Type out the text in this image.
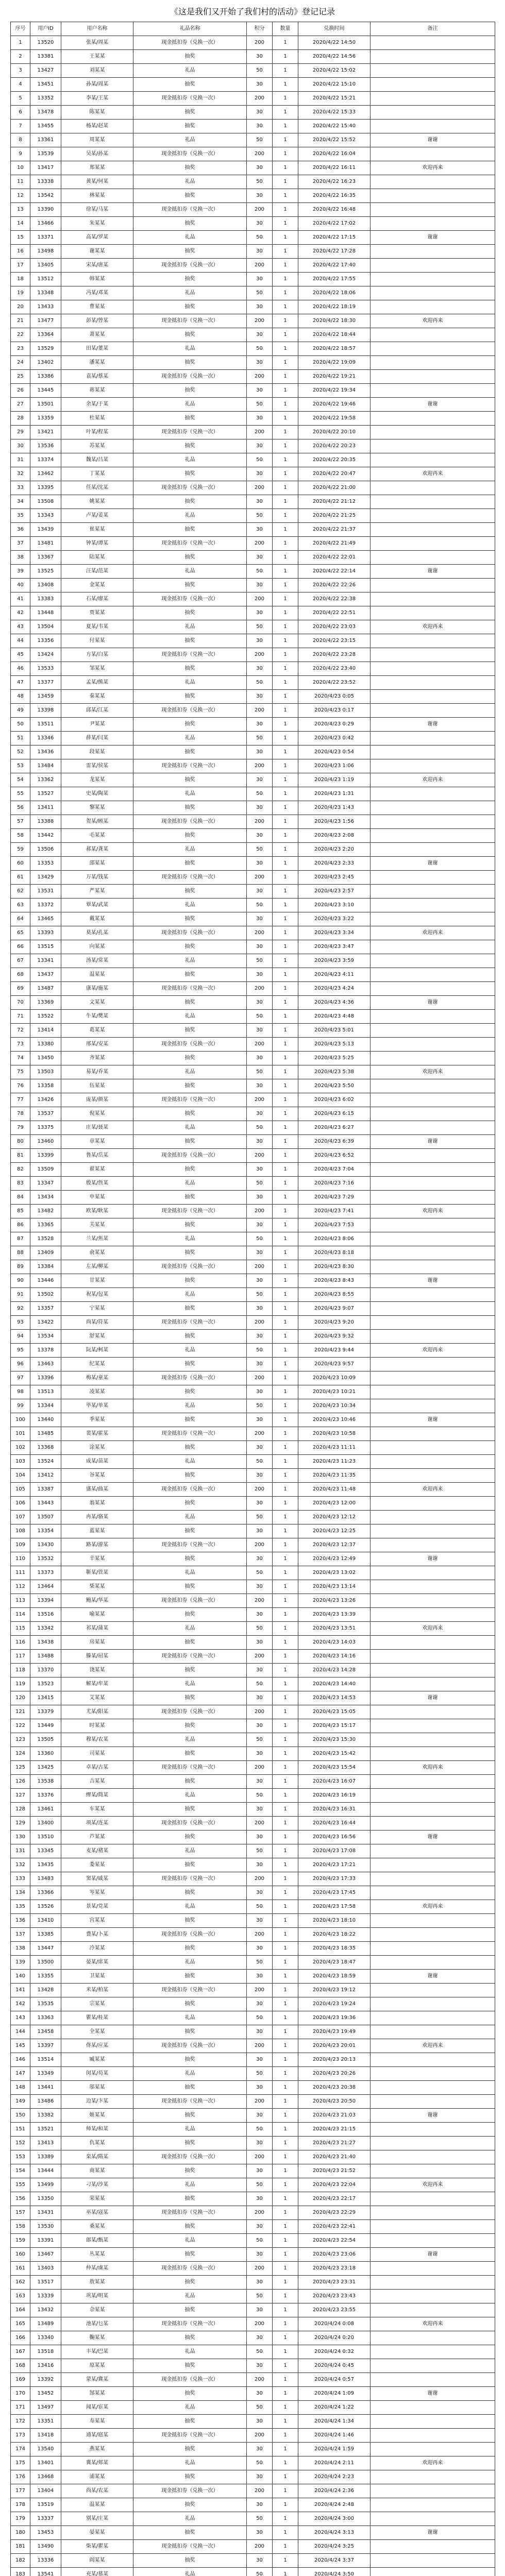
《这是我们又开始了我们村的活动》登记记录
序号	用户ID	用户名称	礼品名称	积分	数量	兑换时间	备注
1	13520	张某/周某	现金抵扣券（兑换一次）	200	1	2020/4/22 14:50	
2	13381	王某某	抽奖	30	1	2020/4/22 14:56	
3	13427	刘某某	礼品	50	1	2020/4/22 15:02	
4	13451	孙某/周某	抽奖	30	1	2020/4/22 15:10	
5	13352	李某/王某	现金抵扣券（兑换一次）	200	1	2020/4/22 15:21	
6	13478	陈某某	抽奖	30	1	2020/4/22 15:33	
7	13455	杨某/赵某	抽奖	30	1	2020/4/22 15:40	
8	13361	周某某	礼品	50	1	2020/4/22 15:52	谢谢
9	13539	吴某/孙某	现金抵扣券（兑换一次）	200	1	2020/4/22 16:04	
10	13417	郑某某	抽奖	30	1	2020/4/22 16:11	欢迎再来
11	13338	黄某/何某	礼品	50	1	2020/4/22 16:23	
12	13542	林某某	抽奖	30	1	2020/4/22 16:35	
13	13390	徐某/马某	现金抵扣券（兑换一次）	200	1	2020/4/22 16:48	
14	13466	朱某某	抽奖	30	1	2020/4/22 17:02	
15	13371	高某/罗某	礼品	50	1	2020/4/22 17:15	谢谢
16	13498	谢某某	抽奖	30	1	2020/4/22 17:28	
17	13405	宋某/唐某	现金抵扣券（兑换一次）	200	1	2020/4/22 17:40	
18	13512	韩某某	抽奖	30	1	2020/4/22 17:55	
19	13348	冯某/邓某	礼品	50	1	2020/4/22 18:06	
20	13433	曹某某	抽奖	30	1	2020/4/22 18:19	
21	13477	彭某/曾某	现金抵扣券（兑换一次）	200	1	2020/4/22 18:30	欢迎再来
22	13364	萧某某	抽奖	30	1	2020/4/22 18:44	
23	13529	田某/董某	礼品	50	1	2020/4/22 18:57	
24	13402	潘某某	抽奖	30	1	2020/4/22 19:09	
25	13386	袁某/蔡某	现金抵扣券（兑换一次）	200	1	2020/4/22 19:21	
26	13445	蒋某某	抽奖	30	1	2020/4/22 19:34	
27	13501	余某/于某	礼品	50	1	2020/4/22 19:46	谢谢
28	13359	杜某某	抽奖	30	1	2020/4/22 19:58	
29	13421	叶某/程某	现金抵扣券（兑换一次）	200	1	2020/4/22 20:10	
30	13536	苏某某	抽奖	30	1	2020/4/22 20:23	
31	13374	魏某/吕某	礼品	50	1	2020/4/22 20:35	
32	13462	丁某某	抽奖	30	1	2020/4/22 20:47	欢迎再来
33	13395	任某/沈某	现金抵扣券（兑换一次）	200	1	2020/4/22 21:00	
34	13508	姚某某	抽奖	30	1	2020/4/22 21:12	
35	13343	卢某/姜某	礼品	50	1	2020/4/22 21:25	
36	13439	崔某某	抽奖	30	1	2020/4/22 21:37	
37	13481	钟某/谭某	现金抵扣券（兑换一次）	200	1	2020/4/22 21:49	
38	13367	陆某某	抽奖	30	1	2020/4/22 22:01	
39	13525	汪某/范某	礼品	50	1	2020/4/22 22:14	谢谢
40	13408	金某某	抽奖	30	1	2020/4/22 22:26	
41	13383	石某/廖某	现金抵扣券（兑换一次）	200	1	2020/4/22 22:38	
42	13448	贾某某	抽奖	30	1	2020/4/22 22:51	
43	13504	夏某/韦某	礼品	50	1	2020/4/22 23:03	欢迎再来
44	13356	付某某	抽奖	30	1	2020/4/22 23:15	
45	13424	方某/白某	现金抵扣券（兑换一次）	200	1	2020/4/22 23:28	
46	13533	邹某某	抽奖	30	1	2020/4/22 23:40	
47	13377	孟某/熊某	礼品	50	1	2020/4/22 23:52	
48	13459	秦某某	抽奖	30	1	2020/4/23 0:05	
49	13398	邱某/江某	现金抵扣券（兑换一次）	200	1	2020/4/23 0:17	
50	13511	尹某某	抽奖	30	1	2020/4/23 0:29	谢谢
51	13346	薛某/闫某	礼品	50	1	2020/4/23 0:42	
52	13436	段某某	抽奖	30	1	2020/4/23 0:54	
53	13484	雷某/侯某	现金抵扣券（兑换一次）	200	1	2020/4/23 1:06	
54	13362	龙某某	抽奖	30	1	2020/4/23 1:19	欢迎再来
55	13527	史某/陶某	礼品	50	1	2020/4/23 1:31	
56	13411	黎某某	抽奖	30	1	2020/4/23 1:43	
57	13388	贺某/顾某	现金抵扣券（兑换一次）	200	1	2020/4/23 1:56	
58	13442	毛某某	抽奖	30	1	2020/4/23 2:08	
59	13506	郝某/龚某	礼品	50	1	2020/4/23 2:20	
60	13353	邵某某	抽奖	30	1	2020/4/23 2:33	谢谢
61	13429	万某/钱某	现金抵扣券（兑换一次）	200	1	2020/4/23 2:45	
62	13531	严某某	抽奖	30	1	2020/4/23 2:57	
63	13372	覃某/武某	礼品	50	1	2020/4/23 3:10	
64	13465	戴某某	抽奖	30	1	2020/4/23 3:22	
65	13393	莫某/孔某	现金抵扣券（兑换一次）	200	1	2020/4/23 3:34	欢迎再来
66	13515	向某某	抽奖	30	1	2020/4/23 3:47	
67	13341	汤某/常某	礼品	50	1	2020/4/23 3:59	
68	13437	温某某	抽奖	30	1	2020/4/23 4:11	
69	13487	康某/施某	现金抵扣券（兑换一次）	200	1	2020/4/23 4:24	
70	13369	文某某	抽奖	30	1	2020/4/23 4:36	谢谢
71	13522	牛某/樊某	礼品	50	1	2020/4/23 4:48	
72	13414	葛某某	抽奖	30	1	2020/4/23 5:01	
73	13380	邢某/安某	现金抵扣券（兑换一次）	200	1	2020/4/23 5:13	
74	13450	齐某某	抽奖	30	1	2020/4/23 5:25	
75	13503	易某/乔某	礼品	50	1	2020/4/23 5:38	欢迎再来
76	13358	伍某某	抽奖	30	1	2020/4/23 5:50	
77	13426	庞某/颜某	现金抵扣券（兑换一次）	200	1	2020/4/23 6:02	
78	13537	倪某某	抽奖	30	1	2020/4/23 6:15	
79	13375	庄某/聂某	礼品	50	1	2020/4/23 6:27	
80	13460	章某某	抽奖	30	1	2020/4/23 6:39	谢谢
81	13399	鲁某/岳某	现金抵扣券（兑换一次）	200	1	2020/4/23 6:52	
82	13509	翟某某	抽奖	30	1	2020/4/23 7:04	
83	13347	殷某/詹某	礼品	50	1	2020/4/23 7:16	
84	13434	申某某	抽奖	30	1	2020/4/23 7:29	
85	13482	欧某/耿某	现金抵扣券（兑换一次）	200	1	2020/4/23 7:41	欢迎再来
86	13365	关某某	抽奖	30	1	2020/4/23 7:53	
87	13528	兰某/焦某	礼品	50	1	2020/4/23 8:06	
88	13409	俞某某	抽奖	30	1	2020/4/23 8:18	
89	13384	左某/柳某	现金抵扣券（兑换一次）	200	1	2020/4/23 8:30	
90	13446	甘某某	抽奖	30	1	2020/4/23 8:43	谢谢
91	13502	祝某/包某	礼品	50	1	2020/4/23 8:55	
92	13357	宁某某	抽奖	30	1	2020/4/23 9:07	
93	13422	尚某/符某	现金抵扣券（兑换一次）	200	1	2020/4/23 9:20	
94	13534	舒某某	抽奖	30	1	2020/4/23 9:32	
95	13378	阮某/柯某	礼品	50	1	2020/4/23 9:44	欢迎再来
96	13463	纪某某	抽奖	30	1	2020/4/23 9:57	
97	13396	梅某/童某	现金抵扣券（兑换一次）	200	1	2020/4/23 10:09	
98	13513	凌某某	抽奖	30	1	2020/4/23 10:21	
99	13344	毕某/单某	礼品	50	1	2020/4/23 10:34	
100	13440	季某某	抽奖	30	1	2020/4/23 10:46	谢谢
101	13485	裴某/霍某	现金抵扣券（兑换一次）	200	1	2020/4/23 10:58	
102	13368	涂某某	抽奖	30	1	2020/4/23 11:11	
103	13524	成某/苗某	礼品	50	1	2020/4/23 11:23	
104	13412	谷某某	抽奖	30	1	2020/4/23 11:35	
105	13387	盛某/曲某	现金抵扣券（兑换一次）	200	1	2020/4/23 11:48	欢迎再来
106	13443	翁某某	抽奖	30	1	2020/4/23 12:00	
107	13507	冉某/骆某	礼品	50	1	2020/4/23 12:12	
108	13354	蓝某某	抽奖	30	1	2020/4/23 12:25	
109	13430	路某/游某	现金抵扣券（兑换一次）	200	1	2020/4/23 12:37	
110	13532	辛某某	抽奖	30	1	2020/4/23 12:49	谢谢
111	13373	靳某/管某	礼品	50	1	2020/4/23 13:02	
112	13464	柴某某	抽奖	30	1	2020/4/23 13:14	
113	13394	鲍某/华某	现金抵扣券（兑换一次）	200	1	2020/4/23 13:26	
114	13516	喻某某	抽奖	30	1	2020/4/23 13:39	
115	13342	祁某/蒲某	礼品	50	1	2020/4/23 13:51	欢迎再来
116	13438	房某某	抽奖	30	1	2020/4/23 14:03	
117	13488	滕某/屈某	现金抵扣券（兑换一次）	200	1	2020/4/23 14:16	
118	13370	饶某某	抽奖	30	1	2020/4/23 14:28	
119	13523	解某/牟某	礼品	50	1	2020/4/23 14:40	
120	13415	艾某某	抽奖	30	1	2020/4/23 14:53	谢谢
121	13379	尤某/阳某	现金抵扣券（兑换一次）	200	1	2020/4/23 15:05	
122	13449	时某某	抽奖	30	1	2020/4/23 15:17	
123	13505	穆某/农某	礼品	50	1	2020/4/23 15:30	
124	13360	司某某	抽奖	30	1	2020/4/23 15:42	
125	13425	卓某/古某	现金抵扣券（兑换一次）	200	1	2020/4/23 15:54	欢迎再来
126	13538	吉某某	抽奖	30	1	2020/4/23 16:07	
127	13376	缪某/简某	礼品	50	1	2020/4/23 16:19	
128	13461	车某某	抽奖	30	1	2020/4/23 16:31	
129	13400	项某/连某	现金抵扣券（兑换一次）	200	1	2020/4/23 16:44	
130	13510	芦某某	抽奖	30	1	2020/4/23 16:56	谢谢
131	13345	麦某/褚某	礼品	50	1	2020/4/23 17:08	
132	13435	娄某某	抽奖	30	1	2020/4/23 17:21	
133	13483	窦某/戚某	现金抵扣券（兑换一次）	200	1	2020/4/23 17:33	
134	13366	岑某某	抽奖	30	1	2020/4/23 17:45	
135	13526	景某/党某	礼品	50	1	2020/4/23 17:58	欢迎再来
136	13410	宫某某	抽奖	30	1	2020/4/23 18:10	
137	13385	费某/卜某	现金抵扣券（兑换一次）	200	1	2020/4/23 18:22	
138	13447	冷某某	抽奖	30	1	2020/4/23 18:35	
139	13500	晏某/席某	礼品	50	1	2020/4/23 18:47	
140	13355	卫某某	抽奖	30	1	2020/4/23 18:59	谢谢
141	13428	米某/柏某	现金抵扣券（兑换一次）	200	1	2020/4/23 19:12	
142	13535	宗某某	抽奖	30	1	2020/4/23 19:24	
143	13363	瞿某/桂某	礼品	50	1	2020/4/23 19:36	
144	13458	全某某	抽奖	30	1	2020/4/23 19:49	
145	13397	佟某/应某	现金抵扣券（兑换一次）	200	1	2020/4/23 20:01	欢迎再来
146	13514	臧某某	抽奖	30	1	2020/4/23 20:13	
147	13349	闵某/苟某	礼品	50	1	2020/4/23 20:26	
148	13441	邬某某	抽奖	30	1	2020/4/23 20:38	
149	13486	边某/卞某	现金抵扣券（兑换一次）	200	1	2020/4/23 20:50	
150	13382	姬某某	抽奖	30	1	2020/4/23 21:03	谢谢
151	13521	师某/和某	礼品	50	1	2020/4/23 21:15	
152	13413	仇某某	抽奖	30	1	2020/4/23 21:27	
153	13389	栾某/隋某	现金抵扣券（兑换一次）	200	1	2020/4/23 21:40	
154	13444	商某某	抽奖	30	1	2020/4/23 21:52	
155	13499	刁某/沙某	礼品	50	1	2020/4/23 22:04	欢迎再来
156	13350	荣某某	抽奖	30	1	2020/4/23 22:17	
157	13431	巫某/寇某	现金抵扣券（兑换一次）	200	1	2020/4/23 22:29	
158	13530	桑某某	抽奖	30	1	2020/4/23 22:41	
159	13391	郎某/甄某	礼品	50	1	2020/4/23 22:54	
160	13467	丛某某	抽奖	30	1	2020/4/23 23:06	谢谢
161	13403	仲某/虞某	现金抵扣券（兑换一次）	200	1	2020/4/23 23:18	
162	13517	敖某某	抽奖	30	1	2020/4/23 23:31	
163	13339	巩某/明某	礼品	50	1	2020/4/23 23:43	
164	13432	佘某某	抽奖	30	1	2020/4/23 23:55	
165	13489	池某/乜某	现金抵扣券（兑换一次）	200	1	2020/4/24 0:08	欢迎再来
166	13340	鞠某某	抽奖	30	1	2020/4/24 0:20	
167	13518	丰某/巴某	礼品	50	1	2020/4/24 0:32	
168	13416	原某某	抽奖	30	1	2020/4/24 0:45	
169	13392	蒙某/冀某	现金抵扣券（兑换一次）	200	1	2020/4/24 0:57	
170	13452	郜某某	抽奖	30	1	2020/4/24 1:09	谢谢
171	13497	闻某/宦某	礼品	50	1	2020/4/24 1:22	
172	13351	寿某某	抽奖	30	1	2020/4/24 1:34	
173	13418	通某/扈某	现金抵扣券（兑换一次）	200	1	2020/4/24 1:46	
174	13540	燕某某	抽奖	30	1	2020/4/24 1:59	
175	13401	冀某/郏某	礼品	50	1	2020/4/24 2:11	欢迎再来
176	13468	浦某某	抽奖	30	1	2020/4/24 2:23	
177	13404	尚某/农某	现金抵扣券（兑换一次）	200	1	2020/4/24 2:36	
178	13519	温某某	抽奖	30	1	2020/4/24 2:48	
179	13337	别某/庄某	礼品	50	1	2020/4/24 3:00	
180	13453	晏某某	抽奖	30	1	2020/4/24 3:13	谢谢
181	13490	柴某/瞿某	现金抵扣券（兑换一次）	200	1	2020/4/24 3:25	
182	13336	阎某某	抽奖	30	1	2020/4/24 3:37	
183	13541	充某/慕某	礼品	50	1	2020/4/24 3:50	
